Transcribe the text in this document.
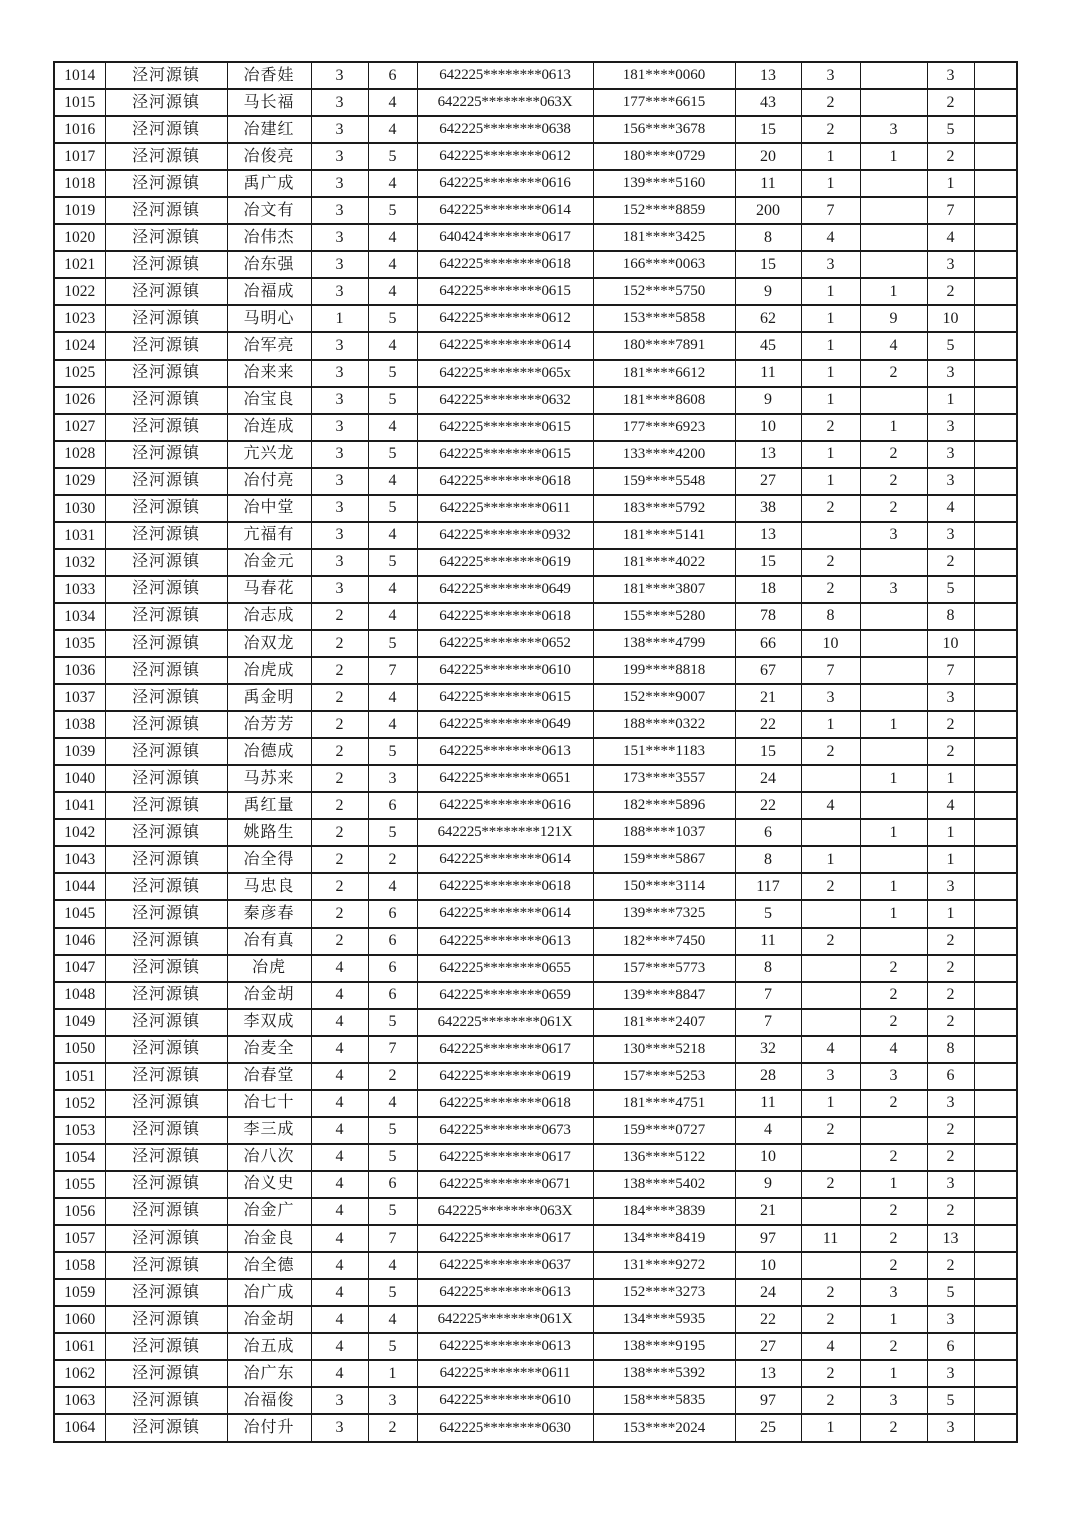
1014	泾河源镇	冶香娃	3	6	642225********0613	181****0060	13	3		3	
1015	泾河源镇	马长福	3	4	642225********063X	177****6615	43	2		2	
1016	泾河源镇	冶建红	3	4	642225********0638	156****3678	15	2	3	5	
1017	泾河源镇	冶俊亮	3	5	642225********0612	180****0729	20	1	1	2	
1018	泾河源镇	禹广成	3	4	642225********0616	139****5160	11	1		1	
1019	泾河源镇	冶文有	3	5	642225********0614	152****8859	200	7		7	
1020	泾河源镇	冶伟杰	3	4	640424********0617	181****3425	8	4		4	
1021	泾河源镇	冶东强	3	4	642225********0618	166****0063	15	3		3	
1022	泾河源镇	冶福成	3	4	642225********0615	152****5750	9	1	1	2	
1023	泾河源镇	马明心	1	5	642225********0612	153****5858	62	1	9	10	
1024	泾河源镇	冶军亮	3	4	642225********0614	180****7891	45	1	4	5	
1025	泾河源镇	冶来来	3	5	642225********065x	181****6612	11	1	2	3	
1026	泾河源镇	冶宝良	3	5	642225********0632	181****8608	9	1		1	
1027	泾河源镇	冶连成	3	4	642225********0615	177****6923	10	2	1	3	
1028	泾河源镇	亢兴龙	3	5	642225********0615	133****4200	13	1	2	3	
1029	泾河源镇	冶付亮	3	4	642225********0618	159****5548	27	1	2	3	
1030	泾河源镇	冶中堂	3	5	642225********0611	183****5792	38	2	2	4	
1031	泾河源镇	亢福有	3	4	642225********0932	181****5141	13		3	3	
1032	泾河源镇	冶金元	3	5	642225********0619	181****4022	15	2		2	
1033	泾河源镇	马春花	3	4	642225********0649	181****3807	18	2	3	5	
1034	泾河源镇	冶志成	2	4	642225********0618	155****5280	78	8		8	
1035	泾河源镇	冶双龙	2	5	642225********0652	138****4799	66	10		10	
1036	泾河源镇	冶虎成	2	7	642225********0610	199****8818	67	7		7	
1037	泾河源镇	禹金明	2	4	642225********0615	152****9007	21	3		3	
1038	泾河源镇	冶芳芳	2	4	642225********0649	188****0322	22	1	1	2	
1039	泾河源镇	冶德成	2	5	642225********0613	151****1183	15	2		2	
1040	泾河源镇	马苏来	2	3	642225********0651	173****3557	24		1	1	
1041	泾河源镇	禹红量	2	6	642225********0616	182****5896	22	4		4	
1042	泾河源镇	姚路生	2	5	642225********121X	188****1037	6		1	1	
1043	泾河源镇	冶全得	2	2	642225********0614	159****5867	8	1		1	
1044	泾河源镇	马忠良	2	4	642225********0618	150****3114	117	2	1	3	
1045	泾河源镇	秦彦春	2	6	642225********0614	139****7325	5		1	1	
1046	泾河源镇	冶有真	2	6	642225********0613	182****7450	11	2		2	
1047	泾河源镇	冶虎	4	6	642225********0655	157****5773	8		2	2	
1048	泾河源镇	冶金胡	4	6	642225********0659	139****8847	7		2	2	
1049	泾河源镇	李双成	4	5	642225********061X	181****2407	7		2	2	
1050	泾河源镇	冶麦全	4	7	642225********0617	130****5218	32	4	4	8	
1051	泾河源镇	冶春堂	4	2	642225********0619	157****5253	28	3	3	6	
1052	泾河源镇	冶七十	4	4	642225********0618	181****4751	11	1	2	3	
1053	泾河源镇	李三成	4	5	642225********0673	159****0727	4	2		2	
1054	泾河源镇	冶八次	4	5	642225********0617	136****5122	10		2	2	
1055	泾河源镇	冶义史	4	6	642225********0671	138****5402	9	2	1	3	
1056	泾河源镇	冶金广	4	5	642225********063X	184****3839	21		2	2	
1057	泾河源镇	冶金良	4	7	642225********0617	134****8419	97	11	2	13	
1058	泾河源镇	冶全德	4	4	642225********0637	131****9272	10		2	2	
1059	泾河源镇	冶广成	4	5	642225********0613	152****3273	24	2	3	5	
1060	泾河源镇	冶金胡	4	4	642225********061X	134****5935	22	2	1	3	
1061	泾河源镇	冶五成	4	5	642225********0613	138****9195	27	4	2	6	
1062	泾河源镇	冶广东	4	1	642225********0611	138****5392	13	2	1	3	
1063	泾河源镇	冶福俊	3	3	642225********0610	158****5835	97	2	3	5	
1064	泾河源镇	冶付升	3	2	642225********0630	153****2024	25	1	2	3	
